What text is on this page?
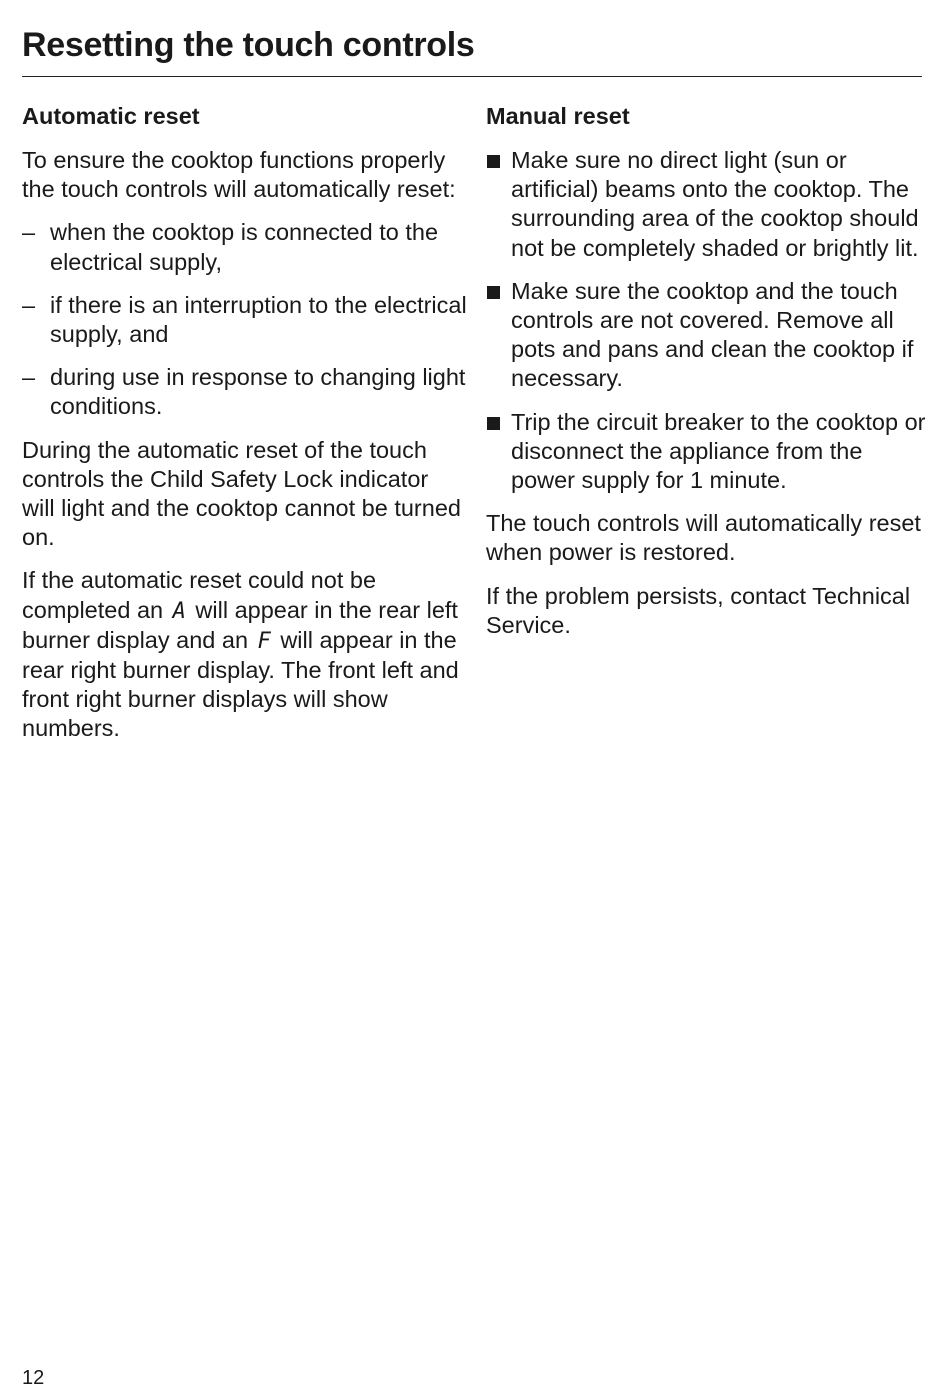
Resetting the touch controls
Automatic reset

To ensure the cooktop functions properly the touch controls will automatically reset:

– when the cooktop is connected to the electrical supply,
– if there is an interruption to the electrical supply, and
– during use in response to changing light conditions.

During the automatic reset of the touch controls the Child Safety Lock indicator will light and the cooktop cannot be turned on.

If the automatic reset could not be completed an A will appear in the rear left burner display and an F will appear in the rear right burner display. The front left and front right burner displays will show numbers.

Manual reset
Make sure no direct light (sun or artificial) beams onto the cooktop. The surrounding area of the cooktop should not be completely shaded or brightly lit.
Make sure the cooktop and the touch controls are not covered. Remove all pots and pans and clean the cooktop if necessary.
Trip the circuit breaker to the cooktop or disconnect the appliance from the power supply for 1 minute.

The touch controls will automatically reset when power is restored.

If the problem persists, contact Technical Service.

12
